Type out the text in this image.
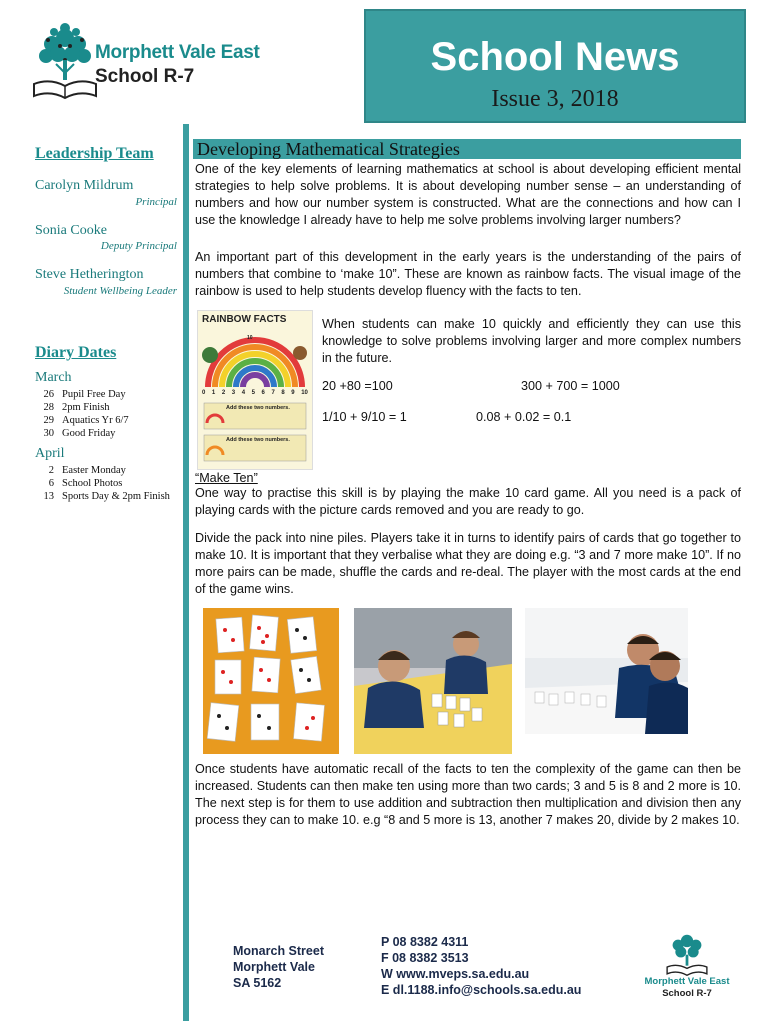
Morphett Vale East
School R-7	School News
Issue 3, 2018
Leadership Team
Carolyn Mildrum
Principal
Sonia Cooke
Deputy Principal
Steve Hetherington
Student Wellbeing Leader
Diary Dates
March
26 Pupil Free Day
28 2pm Finish
29 Aquatics Yr 6/7
30 Good Friday
April
2 Easter Monday
6 School Photos
13 Sports Day & 2pm Finish
Developing Mathematical Strategies
One of the key elements of learning mathematics at school is about developing efficient mental strategies to help solve problems. It is about developing number sense – an understanding of numbers and how our number system is constructed. What are the connections and how can I use the knowledge I already have to help me solve problems involving larger numbers?
An important part of this development in the early years is the understanding of the pairs of numbers that combine to ‘make 10”. These are known as rainbow facts. The visual image of the rainbow is used to help students develop fluency with the facts to ten.
RAINBOW FACTS
10
0 1 2 3 4 5 6 7 8 9 10
Add these two numbers.
Add these two numbers.
When students can make 10 quickly and efficiently they can use this knowledge to solve problems involving larger and more complex numbers in the future.
20 +80 =100	300 + 700 = 1000
1/10 + 9/10 = 1	0.08 + 0.02 = 0.1
“Make Ten”
One way to practise this skill is by playing the make 10 card game. All you need is a pack of playing cards with the picture cards removed and you are ready to go.
Divide the pack into nine piles. Players take it in turns to identify pairs of cards that go together to make 10. It is important that they verbalise what they are doing e.g. “3 and 7 more make 10”. If no more pairs can be made, shuffle the cards and re-deal. The player with the most cards at the end of the game wins.
Once students have automatic recall of the facts to ten the complexity of the game can then be increased. Students can then make ten using more than two cards; 3 and 5 is 8 and 2 more is 10. The next step is for them to use addition and subtraction then multiplication and division then any process they can to make 10. e.g “8 and 5 more is 13, another 7 makes 20, divide by 2 makes 10.
Monarch Street
Morphett Vale
SA 5162
P 08 8382 4311
F 08 8382 3513
W www.mveps.sa.edu.au
E dl.1188.info@schools.sa.edu.au
Morphett Vale East
School R-7
